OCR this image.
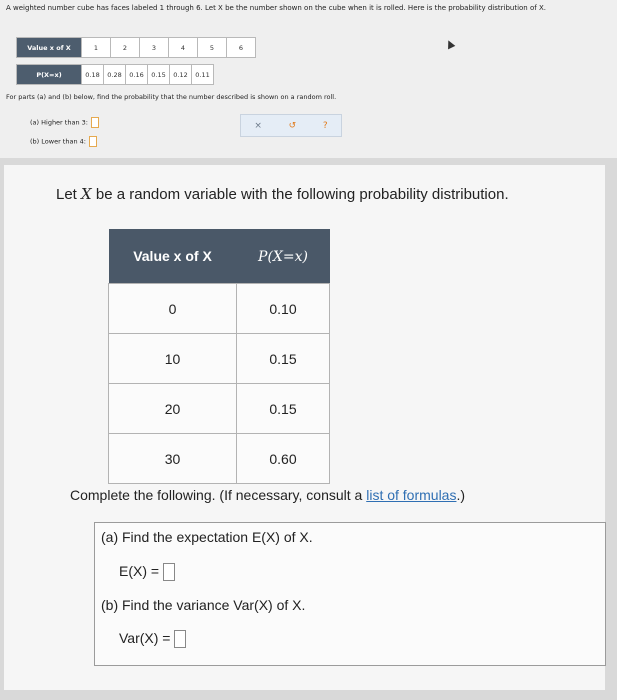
A weighted number cube has faces labeled 1 through 6. Let X be the number shown on the cube when it is rolled. Here is the probability distribution of X.
Value x of X	1	2	3	4	5	6
P(X=x)	0.18	0.28	0.16	0.15	0.12	0.11
For parts (a) and (b) below, find the probability that the number described is shown on a random roll.
(a) Higher than 3:
(b) Lower than 4:
×	↺	?
Let X be a random variable with the following probability distribution.
Value x of X	P(X=x)
0	0.10
10	0.15
20	0.15
30	0.60
Complete the following. (If necessary, consult a list of formulas.)
(a) Find the expectation E(X) of X.
E(X) =
(b) Find the variance Var(X) of X.
Var(X) =
